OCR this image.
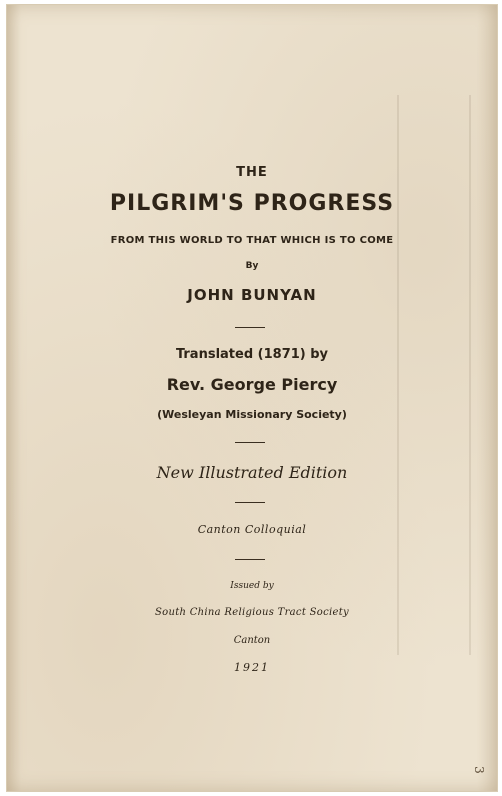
THE
PILGRIM'S PROGRESS
FROM THIS WORLD TO THAT WHICH IS TO COME
By
JOHN BUNYAN
Translated (1871) by
Rev. George Piercy
(Wesleyan Missionary Society)
New Illustrated Edition
Canton Colloquial
Issued by
South China Religious Tract Society
Canton
1921
3
